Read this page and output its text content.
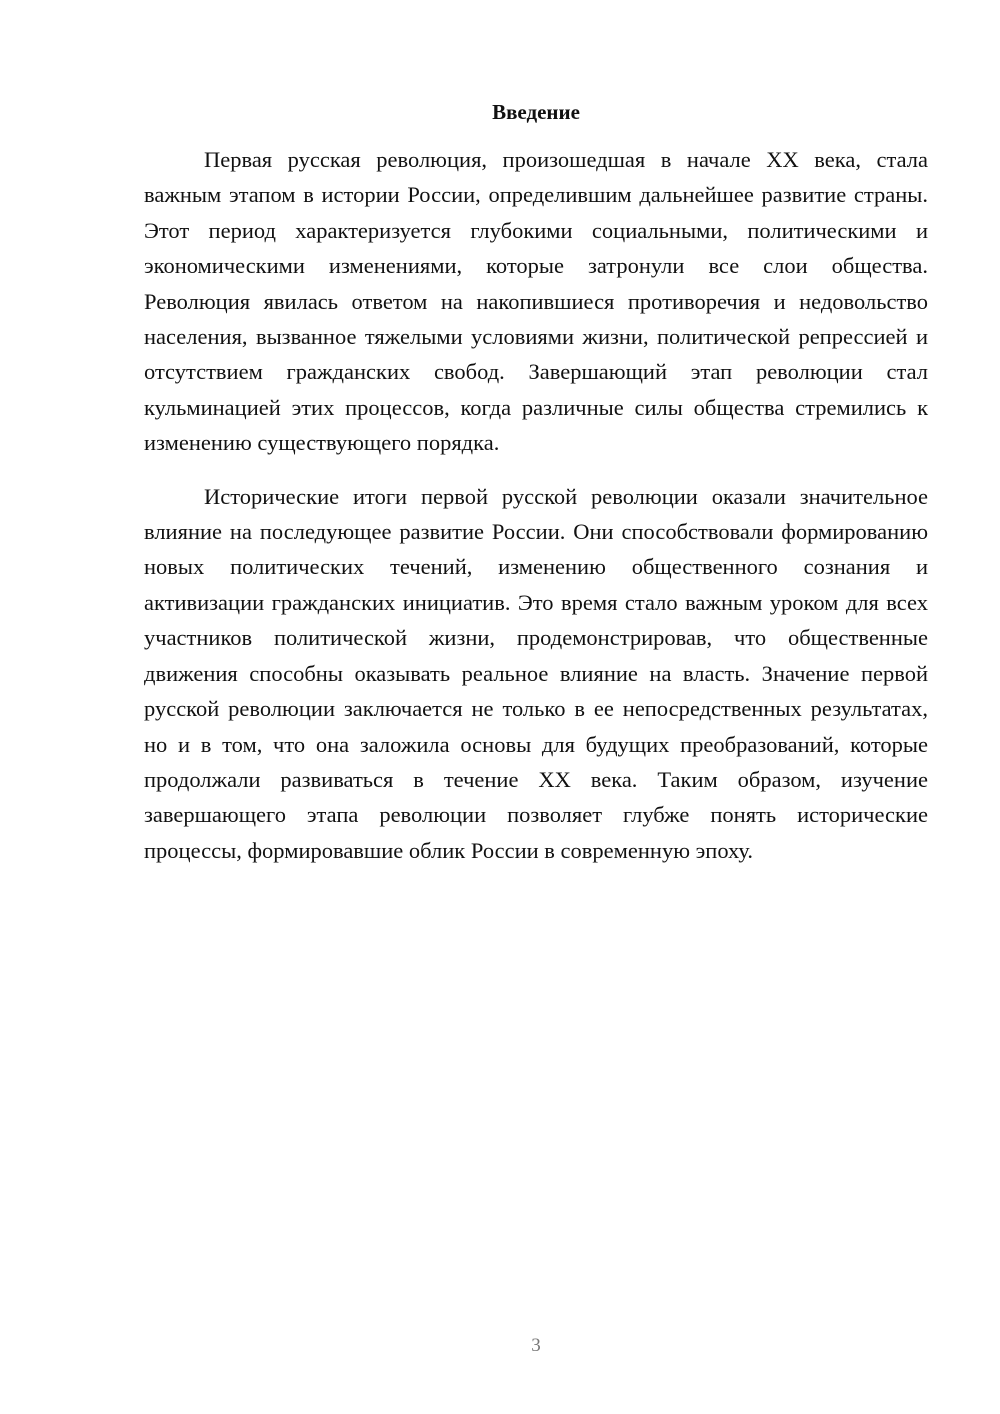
Введение

Первая русская революция, произошедшая в начале XX века, стала важным этапом в истории России, определившим дальнейшее развитие страны. Этот период характеризуется глубокими социальными, политическими и экономическими изменениями, которые затронули все слои общества. Революция явилась ответом на накопившиеся противоречия и недовольство населения, вызванное тяжелыми условиями жизни, политической репрессией и отсутствием гражданских свобод. Завершающий этап революции стал кульминацией этих процессов, когда различные силы общества стремились к изменению существующего порядка.

Исторические итоги первой русской революции оказали значительное влияние на последующее развитие России. Они способствовали формированию новых политических течений, изменению общественного сознания и активизации гражданских инициатив. Это время стало важным уроком для всех участников политической жизни, продемонстрировав, что общественные движения способны оказывать реальное влияние на власть. Значение первой русской революции заключается не только в ее непосредственных результатах, но и в том, что она заложила основы для будущих преобразований, которые продолжали развиваться в течение XX века. Таким образом, изучение завершающего этапа революции позволяет глубже понять исторические процессы, формировавшие облик России в современную эпоху.

3
